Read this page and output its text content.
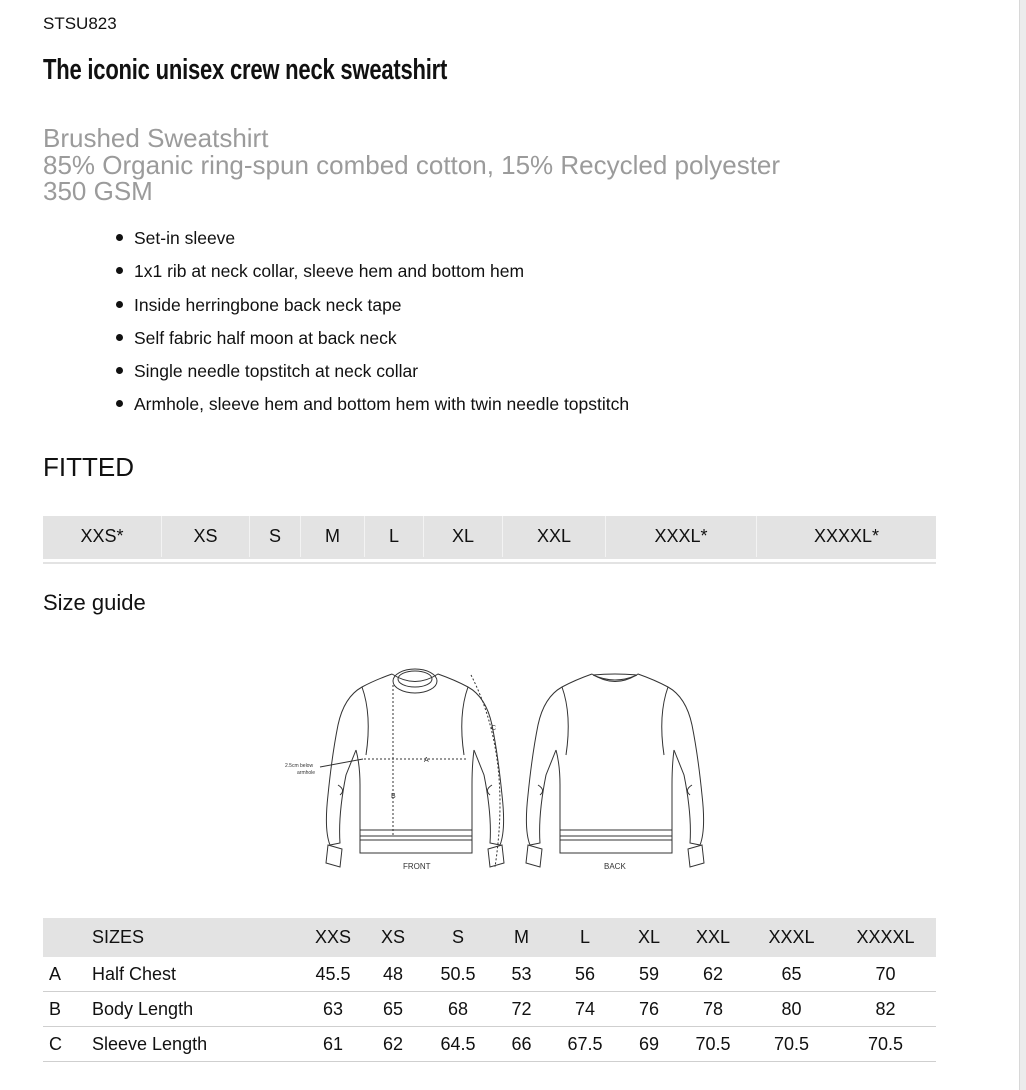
STSU823
The iconic unisex crew neck sweatshirt
Brushed Sweatshirt
85% Organic ring-spun combed cotton, 15% Recycled polyester
350 GSM
Set-in sleeve
1x1 rib at neck collar, sleeve hem and bottom hem
Inside herringbone back neck tape
Self fabric half moon at back neck
Single needle topstitch at neck collar
Armhole, sleeve hem and bottom hem with twin needle topstitch
FITTED
XXS*	XS	S	M	L	XL	XXL	XXXL*	XXXXL*
Size guide
A
B
C
2.5cm below
armhole
FRONT	BACK
	SIZES	XXS	XS	S	M	L	XL	XXL	XXXL	XXXXL
A	Half Chest	45.5	48	50.5	53	56	59	62	65	70
B	Body Length	63	65	68	72	74	76	78	80	82
C	Sleeve Length	61	62	64.5	66	67.5	69	70.5	70.5	70.5
